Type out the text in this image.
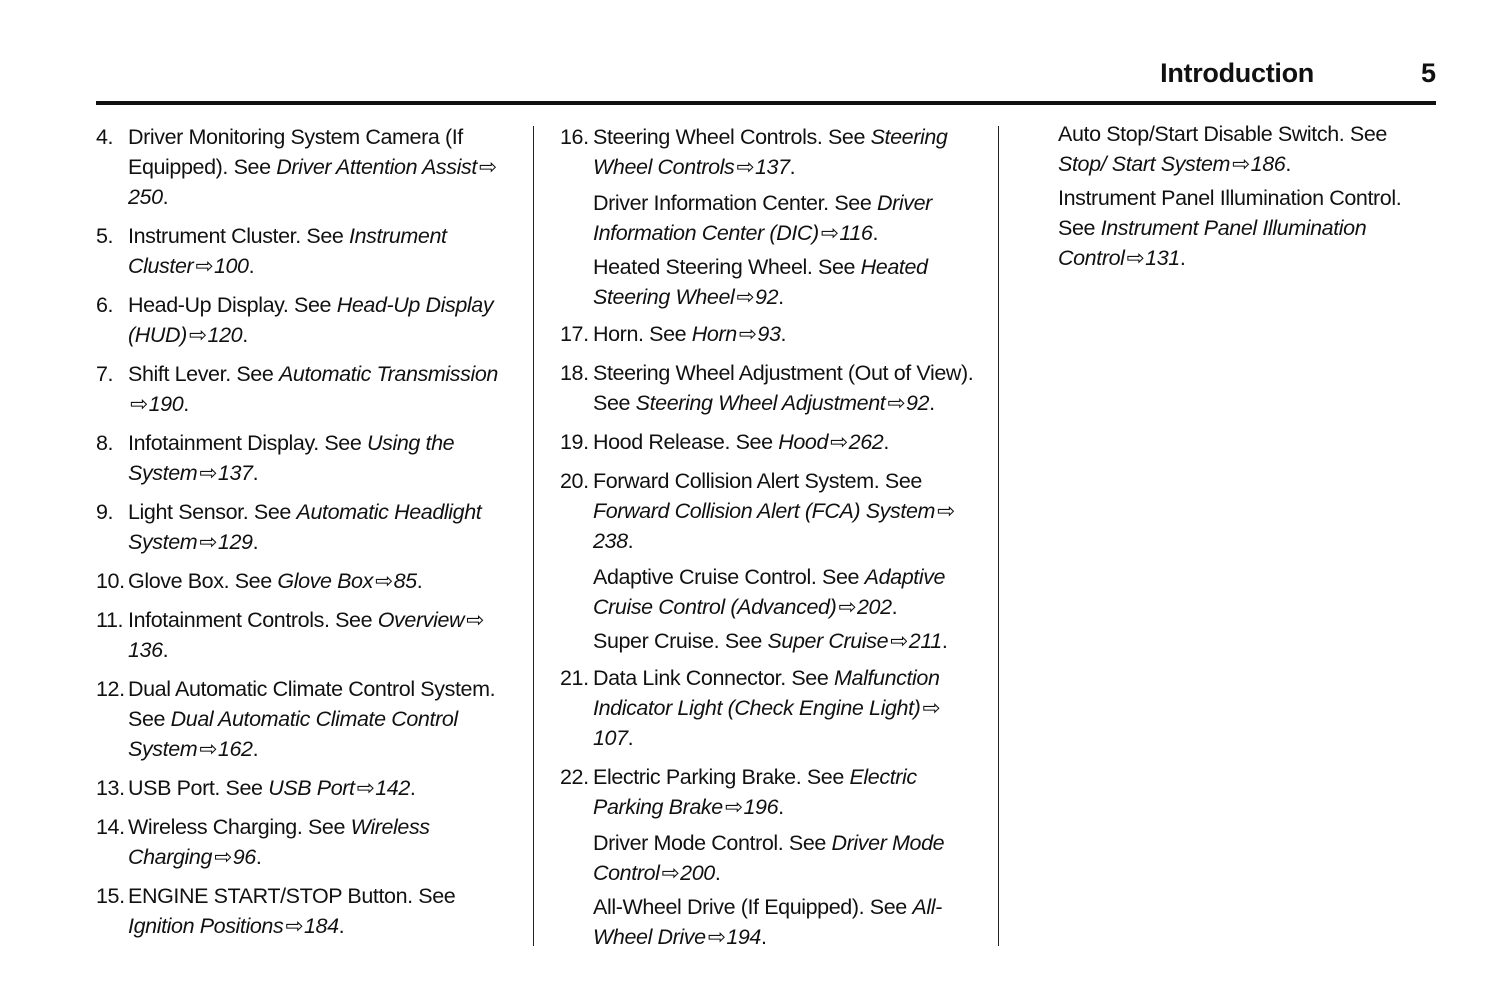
Introduction	5
4. Driver Monitoring System Camera (If Equipped). See Driver Attention Assist⇨250.
5. Instrument Cluster. See Instrument Cluster⇨100.
6. Head-Up Display. See Head-Up Display (HUD)⇨120.
7. Shift Lever. See Automatic Transmission⇨190.
8. Infotainment Display. See Using the System⇨137.
9. Light Sensor. See Automatic Headlight System⇨129.
10. Glove Box. See Glove Box⇨85.
11. Infotainment Controls. See Overview⇨136.
12. Dual Automatic Climate Control System. See Dual Automatic Climate Control System⇨162.
13. USB Port. See USB Port⇨142.
14. Wireless Charging. See Wireless Charging⇨96.
15. ENGINE START/STOP Button. See Ignition Positions⇨184.
16. Steering Wheel Controls. See Steering Wheel Controls⇨137.
Driver Information Center. See Driver Information Center (DIC)⇨116.
Heated Steering Wheel. See Heated Steering Wheel⇨92.
17. Horn. See Horn⇨93.
18. Steering Wheel Adjustment (Out of View). See Steering Wheel Adjustment⇨92.
19. Hood Release. See Hood⇨262.
20. Forward Collision Alert System. See Forward Collision Alert (FCA) System⇨238.
Adaptive Cruise Control. See Adaptive Cruise Control (Advanced)⇨202.
Super Cruise. See Super Cruise⇨211.
21. Data Link Connector. See Malfunction Indicator Light (Check Engine Light)⇨107.
22. Electric Parking Brake. See Electric Parking Brake⇨196.
Driver Mode Control. See Driver Mode Control⇨200.
All-Wheel Drive (If Equipped). See All-Wheel Drive⇨194.
Auto Stop/Start Disable Switch. See Stop/ Start System⇨186.
Instrument Panel Illumination Control. See Instrument Panel Illumination Control⇨131.
